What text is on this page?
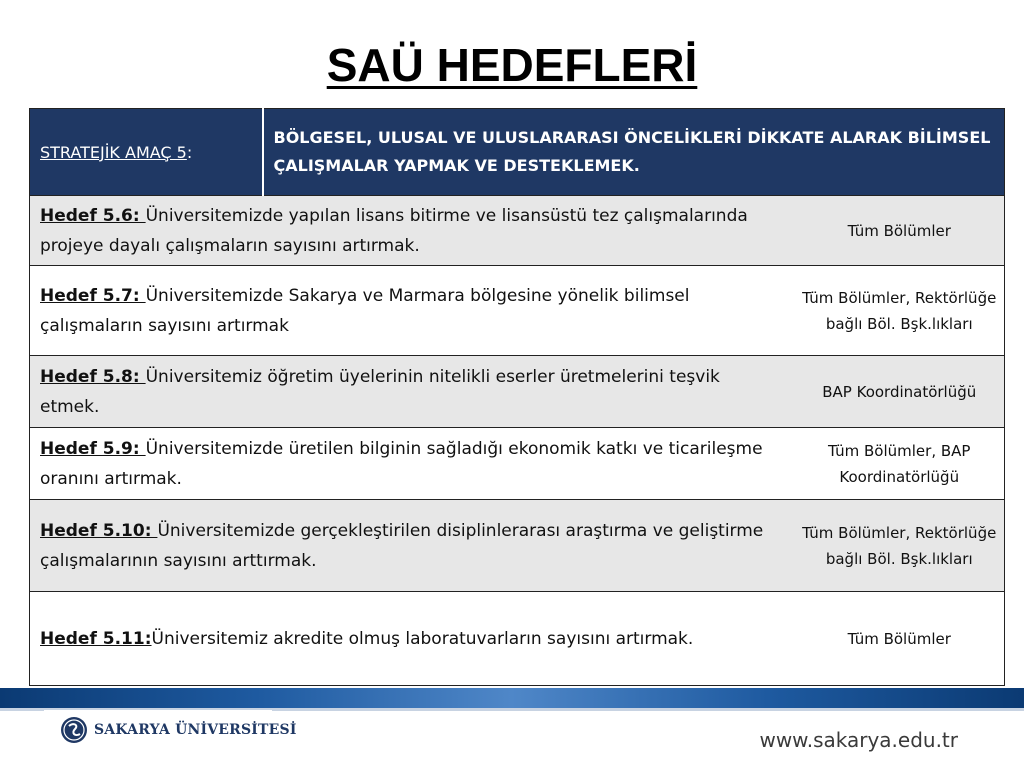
SAÜ HEDEFLERİ
STRATEJİK AMAÇ 5:	BÖLGESEL, ULUSAL VE ULUSLARARASI ÖNCELİKLERİ DİKKATE ALARAK BİLİMSEL ÇALIŞMALAR YAPMAK VE DESTEKLEMEK.	
Hedef 5.6: Üniversitemizde yapılan lisans bitirme ve lisansüstü tez çalışmalarında projeye dayalı çalışmaların sayısını artırmak.		Tüm Bölümler
Hedef 5.7: Üniversitemizde Sakarya ve Marmara bölgesine yönelik bilimsel çalışmaların sayısını artırmak		Tüm Bölümler, Rektörlüğe bağlı Böl. Bşk.lıkları
Hedef 5.8: Üniversitemiz öğretim üyelerinin nitelikli eserler üretmelerini teşvik etmek.		BAP Koordinatörlüğü
Hedef 5.9: Üniversitemizde üretilen bilginin sağladığı ekonomik katkı ve ticarileşme oranını artırmak.		Tüm Bölümler, BAP Koordinatörlüğü
Hedef 5.10: Üniversitemizde gerçekleştirilen disiplinlerarası araştırma ve geliştirme çalışmalarının sayısını arttırmak.		Tüm Bölümler, Rektörlüğe bağlı Böl. Bşk.lıkları
Hedef 5.11:Üniversitemiz akredite olmuş laboratuvarların sayısını artırmak.		Tüm Bölümler
SAKARYA ÜNİVERSİTESİ	www.sakarya.edu.tr
